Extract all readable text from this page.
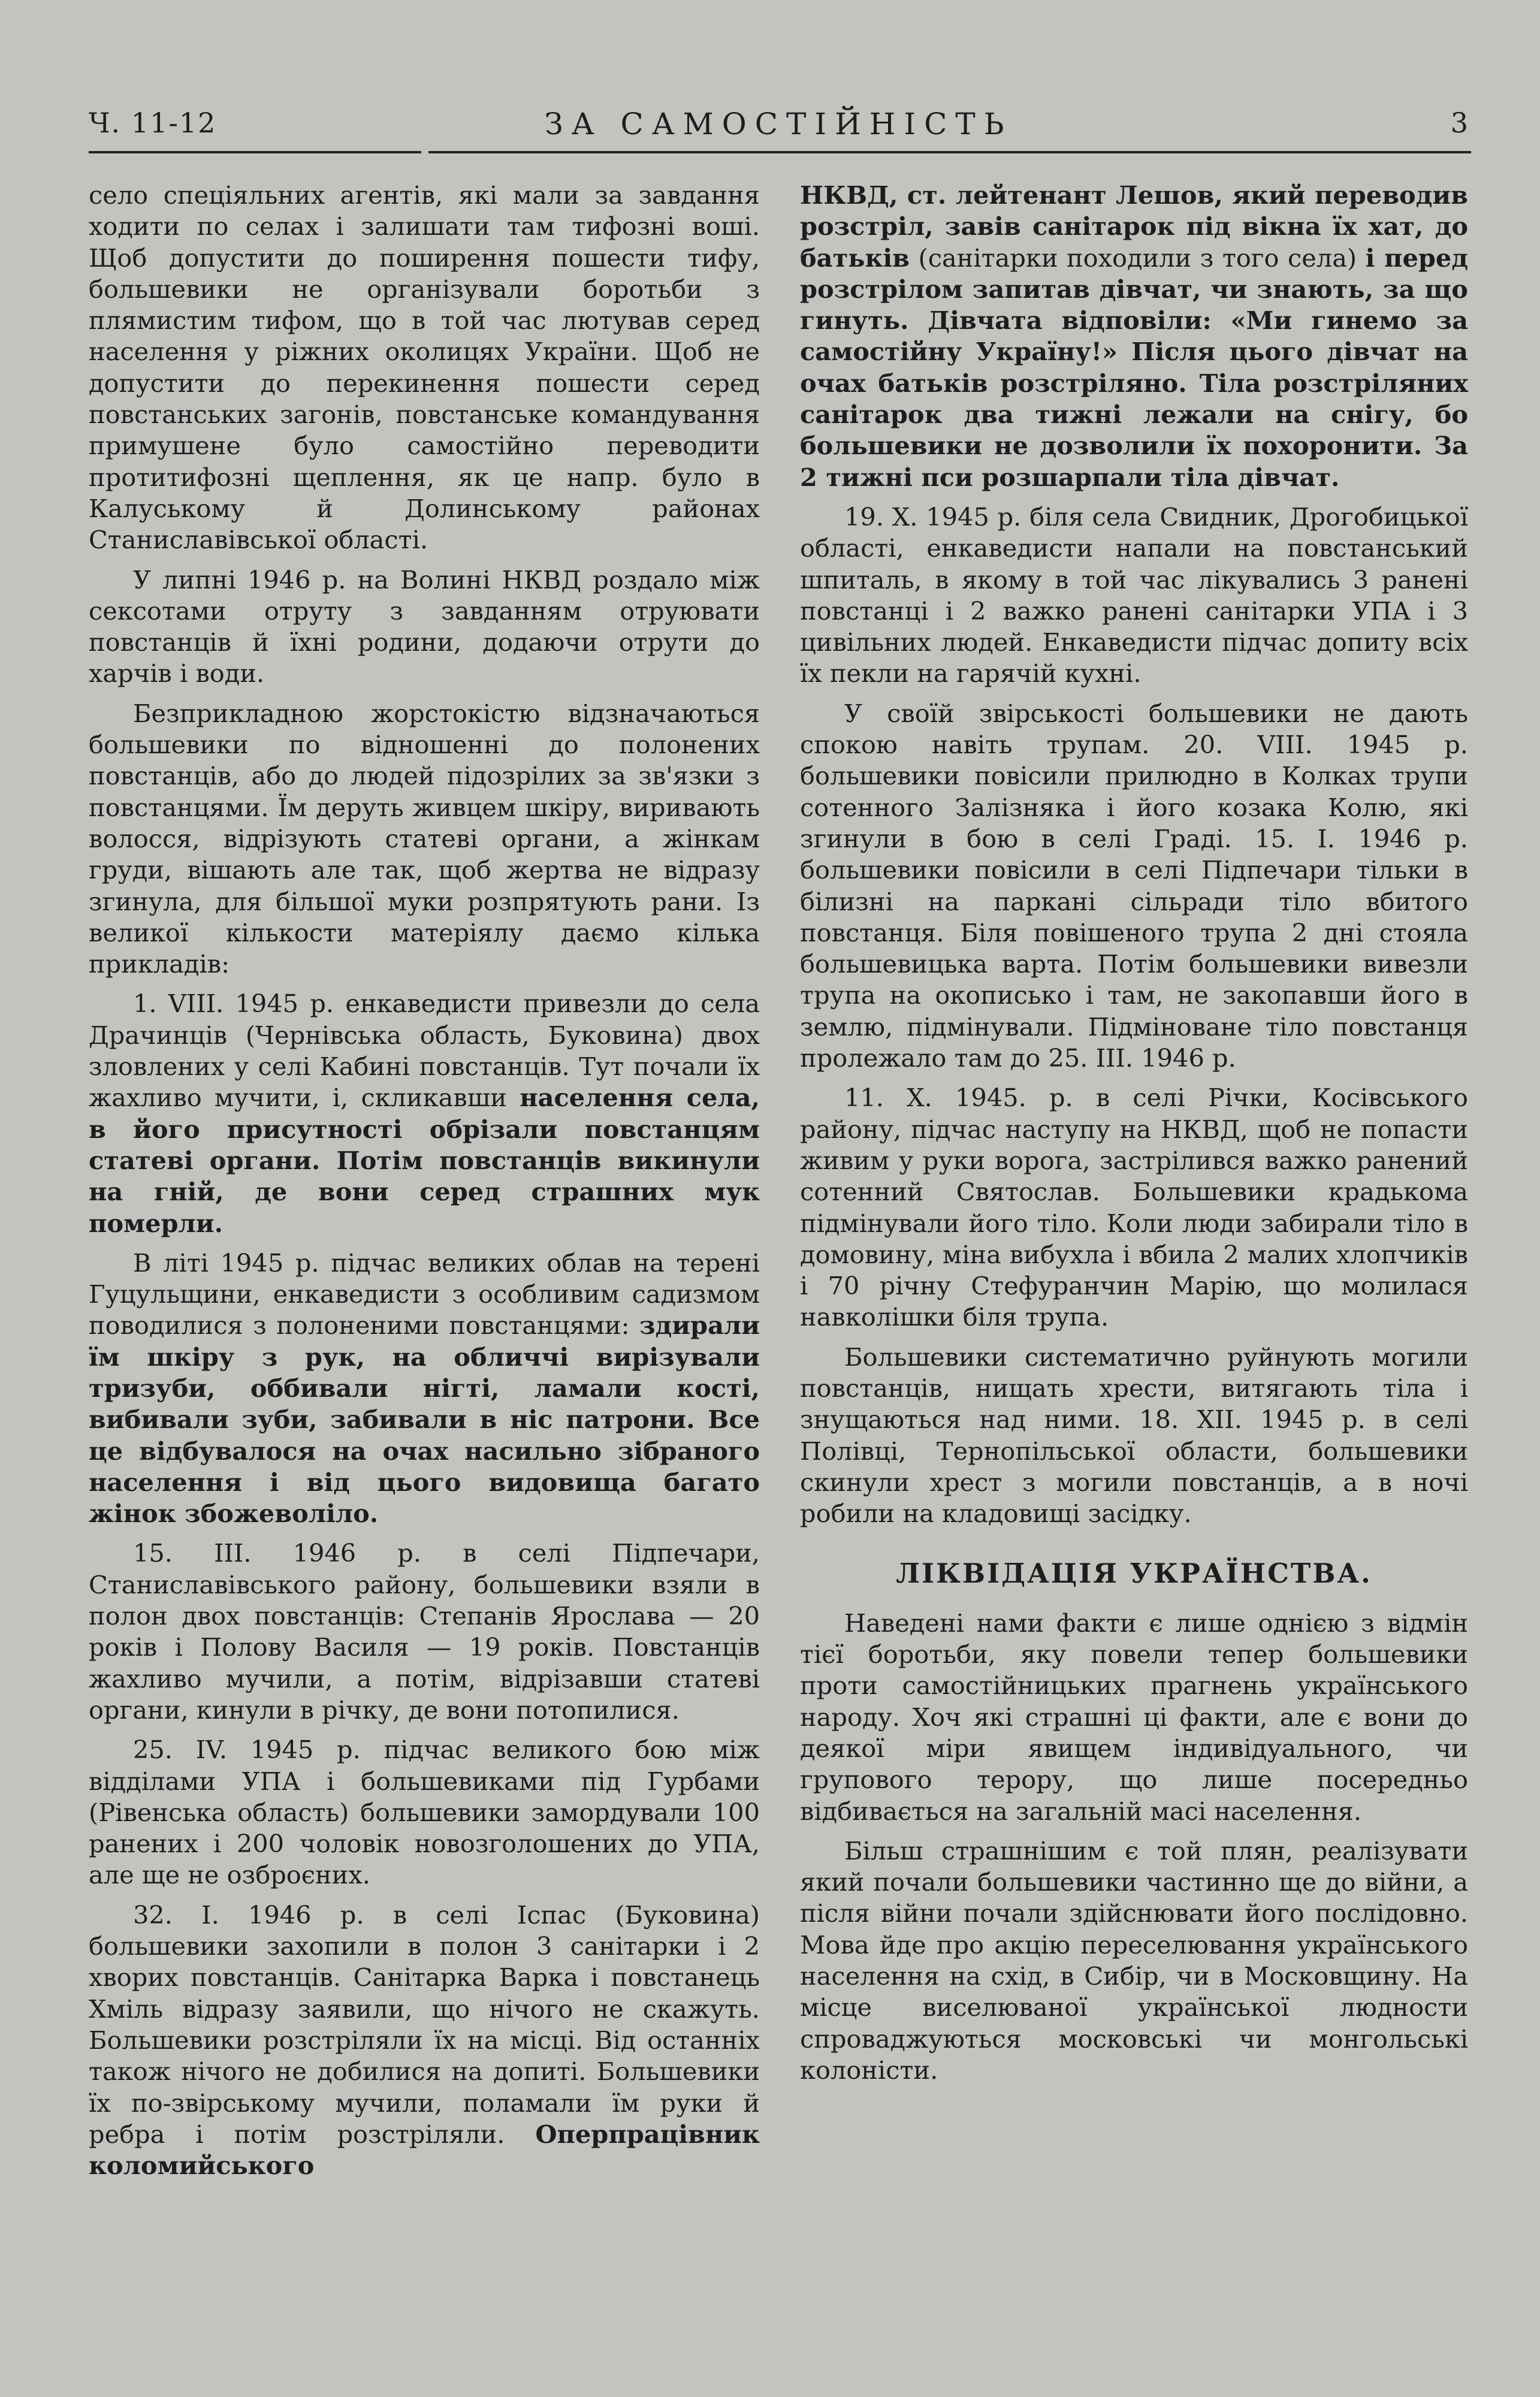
Ч. 11-12	ЗА САМОСТІЙНІСТЬ	3

село спеціяльних агентів, які мали за завдання ходити по селах і залишати там тифозні воші. Щоб допустити до поширення пошести тифу, большевики не організували боротьби з плямистим тифом, що в той час лютував серед населення у ріжних околицях України. Щоб не допустити до перекинення пошести серед повстанських загонів, повстанське командування примушене було самостійно переводити протитифозні щеплення, як це напр. було в Калуському й Долинському районах Станиславівської області.

У липні 1946 р. на Волині НКВД роздало між сексотами отруту з завданням отруювати повстанців й їхні родини, додаючи отрути до харчів і води.

Безприкладною жорстокістю відзначаються большевики по відношенні до полонених повстанців, або до людей підозрілих за зв'язки з повстанцями. Їм деруть живцем шкіру, виривають волосся, відрізують статеві органи, а жінкам груди, вішають але так, щоб жертва не відразу згинула, для більшої муки розпрятують рани. Із великої кількости матеріялу даємо кілька прикладів:

1. VIII. 1945 р. енкаведисти привезли до села Драчинців (Чернівська область, Буковина) двох зловлених у селі Кабині повстанців. Тут почали їх жахливо мучити, і, скликавши населення села, в його присутності обрізали повстанцям статеві органи. Потім повстанців викинули на гній, де вони серед страшних мук померли.

В літі 1945 р. підчас великих облав на терені Гуцульщини, енкаведисти з особливим садизмом поводилися з полоненими повстанцями: здирали їм шкіру з рук, на обличчі вирізували тризуби, оббивали нігті, ламали кості, вибивали зуби, забивали в ніс патрони. Все це відбувалося на очах насильно зібраного населення і від цього видовища багато жінок збожеволіло.

15. III. 1946 р. в селі Підпечари, Станиславівського району, большевики взяли в полон двох повстанців: Степанів Ярослава — 20 років і Полову Василя — 19 років. Повстанців жахливо мучили, а потім, відрізавши статеві органи, кинули в річку, де вони потопилися.

25. IV. 1945 р. підчас великого бою між відділами УПА і большевиками під Гурбами (Рівенська область) большевики замордували 100 ранених і 200 чоловік новозголошених до УПА, але ще не озброєних.

32. I. 1946 р. в селі Іспас (Буковина) большевики захопили в полон 3 санітарки і 2 хворих повстанців. Санітарка Варка і повстанець Хміль відразу заявили, що нічого не скажуть. Большевики розстріляли їх на місці. Від останніх також нічого не добилися на допиті. Большевики їх по-звірському мучили, поламали їм руки й ребра і потім розстріляли. Оперпрацівник коломийського

НКВД, ст. лейтенант Лешов, який переводив розстріл, завів санітарок під вікна їх хат, до батьків (санітарки походили з того села) і перед розстрілом запитав дівчат, чи знають, за що гинуть. Дівчата відповіли: «Ми гинемо за самостійну Україну!» Після цього дівчат на очах батьків розстріляно. Тіла розстріляних санітарок два тижні лежали на снігу, бо большевики не дозволили їх похоронити. За 2 тижні пси розшарпали тіла дівчат.

19. X. 1945 р. біля села Свидник, Дрогобицької області, енкаведисти напали на повстанський шпиталь, в якому в той час лікувались 3 ранені повстанці і 2 важко ранені санітарки УПА і 3 цивільних людей. Енкаведисти підчас допиту всіх їх пекли на гарячій кухні.

У своїй звірськості большевики не дають спокою навіть трупам. 20. VIII. 1945 р. большевики повісили прилюдно в Колках трупи сотенного Залізняка і його козака Колю, які згинули в бою в селі Граді. 15. I. 1946 р. большевики повісили в селі Підпечари тільки в білизні на паркані сільради тіло вбитого повстанця. Біля повішеного трупа 2 дні стояла большевицька варта. Потім большевики вивезли трупа на окописько і там, не закопавши його в землю, підмінували. Підміноване тіло повстанця пролежало там до 25. III. 1946 р.

11. X. 1945. р. в селі Річки, Косівського району, підчас наступу на НКВД, щоб не попасти живим у руки ворога, застрілився важко ранений сотенний Святослав. Большевики крадькома підмінували його тіло. Коли люди забирали тіло в домовину, міна вибухла і вбила 2 малих хлопчиків і 70 річну Стефуранчин Марію, що молилася навколішки біля трупа.

Большевики систематично руйнують могили повстанців, нищать хрести, витягають тіла і знущаються над ними. 18. XII. 1945 р. в селі Полівці, Тернопільської области, большевики скинули хрест з могили повстанців, а в ночі робили на кладовищі засідку.

ЛІКВІДАЦІЯ УКРАЇНСТВА.

Наведені нами факти є лише однією з відмін тієї боротьби, яку повели тепер большевики проти самостійницьких прагнень українського народу. Хоч які страшні ці факти, але є вони до деякої міри явищем індивідуального, чи групового терору, що лише посередньо відбивається на загальній масі населення.

Більш страшнішим є той плян, реалізувати який почали большевики частинно ще до війни, а після війни почали здійснювати його послідовно. Мова йде про акцію переселювання українського населення на схід, в Сибір, чи в Московщину. На місце виселюваної української людности спроваджуються московські чи монгольські колоністи.
